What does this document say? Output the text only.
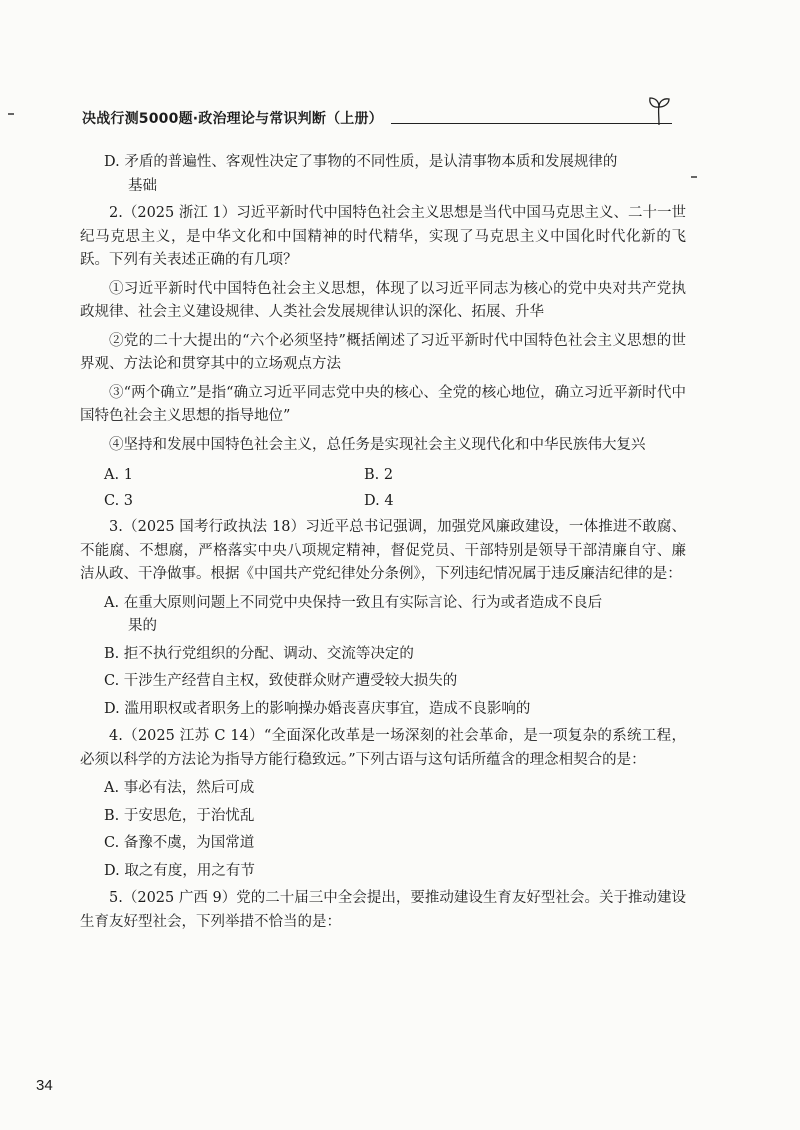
决战行测5000题·政治理论与常识判断（上册）
D. 矛盾的普遍性、客观性决定了事物的不同性质，是认清事物本质和发展规律的
基础

2.（2025 浙江 1）习近平新时代中国特色社会主义思想是当代中国马克思主义、二十一世纪马克思主义，是中华文化和中国精神的时代精华，实现了马克思主义中国化时代化新的飞跃。下列有关表述正确的有几项？

①习近平新时代中国特色社会主义思想，体现了以习近平同志为核心的党中央对共产党执政规律、社会主义建设规律、人类社会发展规律认识的深化、拓展、升华

②党的二十大提出的“六个必须坚持”概括阐述了习近平新时代中国特色社会主义思想的世界观、方法论和贯穿其中的立场观点方法

③“两个确立”是指“确立习近平同志党中央的核心、全党的核心地位，确立习近平新时代中国特色社会主义思想的指导地位”

④坚持和发展中国特色社会主义，总任务是实现社会主义现代化和中华民族伟大复兴

A. 1	B. 2
C. 3	D. 4

3.（2025 国考行政执法 18）习近平总书记强调，加强党风廉政建设，一体推进不敢腐、不能腐、不想腐，严格落实中央八项规定精神，督促党员、干部特别是领导干部清廉自守、廉洁从政、干净做事。根据《中国共产党纪律处分条例》，下列违纪情况属于违反廉洁纪律的是：

A. 在重大原则问题上不同党中央保持一致且有实际言论、行为或者造成不良后
果的

B. 拒不执行党组织的分配、调动、交流等决定的

C. 干涉生产经营自主权，致使群众财产遭受较大损失的

D. 滥用职权或者职务上的影响操办婚丧喜庆事宜，造成不良影响的

4.（2025 江苏 C 14）“全面深化改革是一场深刻的社会革命，是一项复杂的系统工程，必须以科学的方法论为指导方能行稳致远。”下列古语与这句话所蕴含的理念相契合的是：

A. 事必有法，然后可成

B. 于安思危，于治忧乱

C. 备豫不虞，为国常道

D. 取之有度，用之有节

5.（2025 广西 9）党的二十届三中全会提出，要推动建设生育友好型社会。关于推动建设生育友好型社会，下列举措不恰当的是：

34
